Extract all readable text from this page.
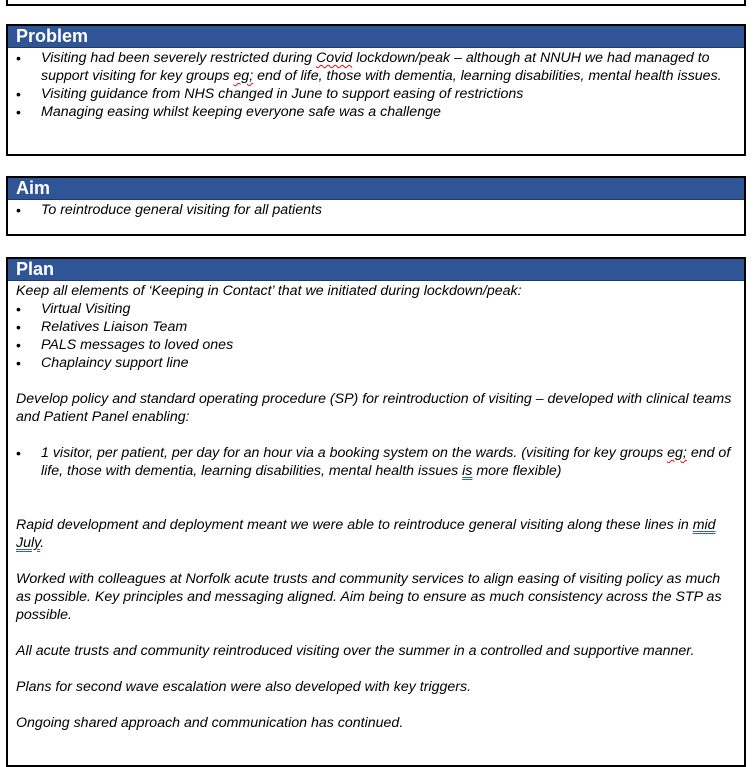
Problem
• Visiting had been severely restricted during Covid lockdown/peak – although at NNUH we had managed to support visiting for key groups eg; end of life, those with dementia, learning disabilities, mental health issues.
• Visiting guidance from NHS changed in June to support easing of restrictions
• Managing easing whilst keeping everyone safe was a challenge
Aim
• To reintroduce general visiting for all patients
Plan

Keep all elements of ‘Keeping in Contact’ that we initiated during lockdown/peak:

• Virtual Visiting
• Relatives Liaison Team
• PALS messages to loved ones
• Chaplaincy support line

Develop policy and standard operating procedure (SP) for reintroduction of visiting – developed with clinical teams and Patient Panel enabling:

• 1 visitor, per patient, per day for an hour via a booking system on the wards. (visiting for key groups eg; end of life, those with dementia, learning disabilities, mental health issues is more flexible)

Rapid development and deployment meant we were able to reintroduce general visiting along these lines in mid July.

Worked with colleagues at Norfolk acute trusts and community services to align easing of visiting policy as much as possible. Key principles and messaging aligned. Aim being to ensure as much consistency across the STP as possible.

All acute trusts and community reintroduced visiting over the summer in a controlled and supportive manner.

Plans for second wave escalation were also developed with key triggers.

Ongoing shared approach and communication has continued.
